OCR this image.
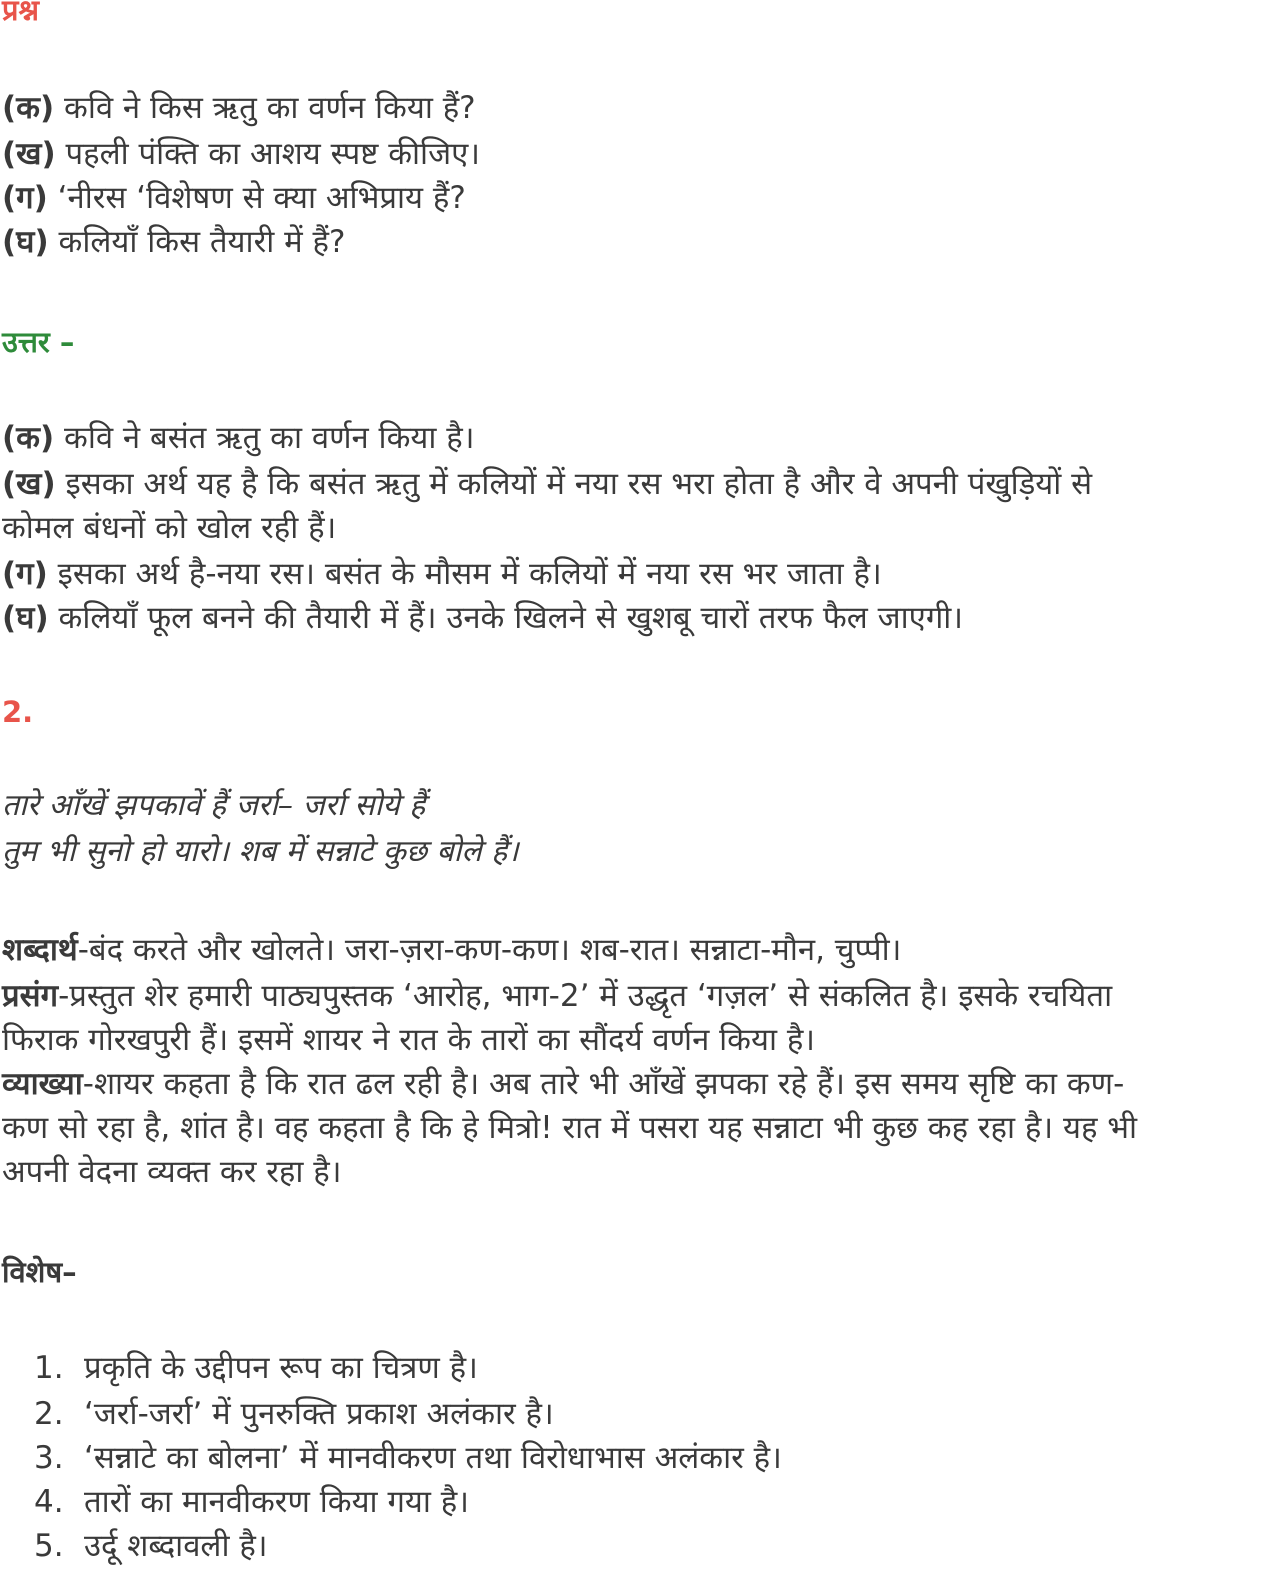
प्रश्न
(क) कवि ने किस ऋतु का वर्णन किया हैं?
(ख) पहली पंक्ति का आशय स्पष्ट कीजिए।
(ग) ‘नीरस ‘विशेषण से क्या अभिप्राय हैं?
(घ) कलियाँ किस तैयारी में हैं?
उत्तर –
(क) कवि ने बसंत ऋतु का वर्णन किया है।
(ख) इसका अर्थ यह है कि बसंत ऋतु में कलियों में नया रस भरा होता है और वे अपनी पंखुड़ियों से
कोमल बंधनों को खोल रही हैं।
(ग) इसका अर्थ है-नया रस। बसंत के मौसम में कलियों में नया रस भर जाता है।
(घ) कलियाँ फूल बनने की तैयारी में हैं। उनके खिलने से खुशबू चारों तरफ फैल जाएगी।
2.
तारे आँखें झपकावें हैं जर्रा– जर्रा सोये हैं
तुम भी सुनो हो यारो। शब में सन्नाटे कुछ बोले हैं।
शब्दार्थ-बंद करते और खोलते। जरा-ज़रा-कण-कण। शब-रात। सन्नाटा-मौन, चुप्पी।
प्रसंग-प्रस्तुत शेर हमारी पाठ्यपुस्तक ‘आरोह, भाग-2’ में उद्धृत ‘गज़ल’ से संकलित है। इसके रचयिता
फिराक गोरखपुरी हैं। इसमें शायर ने रात के तारों का सौंदर्य वर्णन किया है।
व्याख्या-शायर कहता है कि रात ढल रही है। अब तारे भी आँखें झपका रहे हैं। इस समय सृष्टि का कण-
कण सो रहा है, शांत है। वह कहता है कि हे मित्रो! रात में पसरा यह सन्नाटा भी कुछ कह रहा है। यह भी
अपनी वेदना व्यक्त कर रहा है।
विशेष–
1. प्रकृति के उद्दीपन रूप का चित्रण है।
2. ‘जर्रा-जर्रा’ में पुनरुक्ति प्रकाश अलंकार है।
3. ‘सन्नाटे का बोलना’ में मानवीकरण तथा विरोधाभास अलंकार है।
4. तारों का मानवीकरण किया गया है।
5. उर्दू शब्दावली है।
